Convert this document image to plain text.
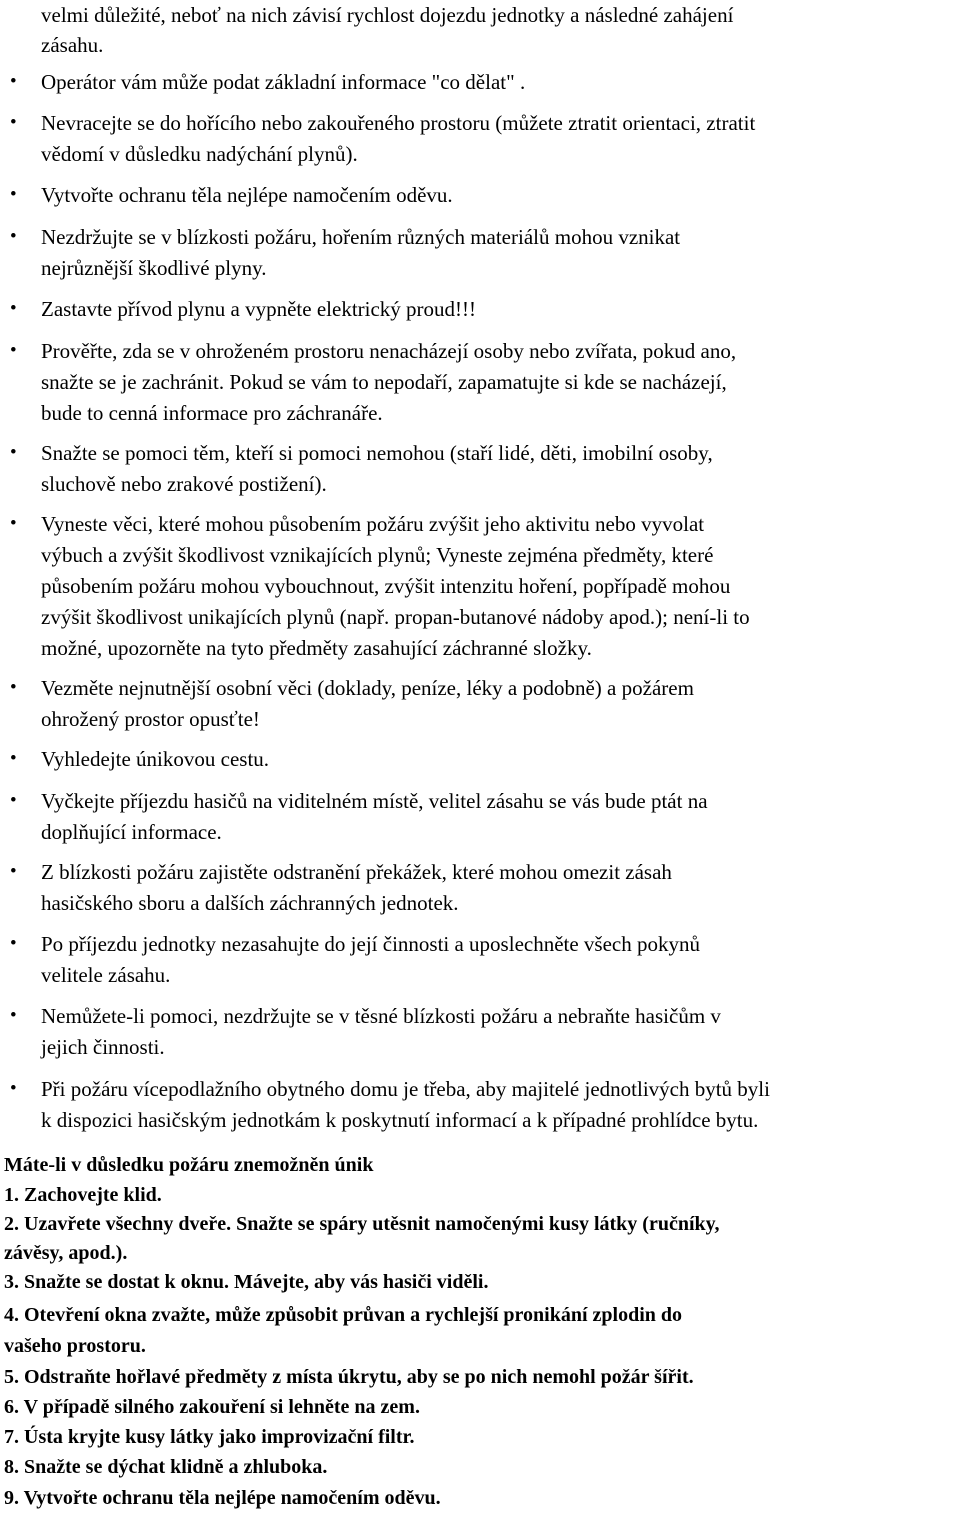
velmi důležité, neboť na nich závisí rychlost dojezdu jednotky a následné zahájení
zásahu.
• Operátor vám může podat základní informace "co dělat" .
• Nevracejte se do hořícího nebo zakouřeného prostoru (můžete ztratit orientaci, ztratit
vědomí v důsledku nadýchání plynů).
• Vytvořte ochranu těla nejlépe namočením oděvu.
• Nezdržujte se v blízkosti požáru, hořením různých materiálů mohou vznikat
nejrůznější škodlivé plyny.
• Zastavte přívod plynu a vypněte elektrický proud!!!
• Prověřte, zda se v ohroženém prostoru nenacházejí osoby nebo zvířata, pokud ano,
snažte se je zachránit. Pokud se vám to nepodaří, zapamatujte si kde se nacházejí,
bude to cenná informace pro záchranáře.
• Snažte se pomoci těm, kteří si pomoci nemohou (staří lidé, děti, imobilní osoby,
sluchově nebo zrakové postižení).
• Vyneste věci, které mohou působením požáru zvýšit jeho aktivitu nebo vyvolat
výbuch a zvýšit škodlivost vznikajících plynů; Vyneste zejména předměty, které
působením požáru mohou vybouchnout, zvýšit intenzitu hoření, popřípadě mohou
zvýšit škodlivost unikajících plynů (např. propan-butanové nádoby apod.); není-li to
možné, upozorněte na tyto předměty zasahující záchranné složky.
• Vezměte nejnutnější osobní věci (doklady, peníze, léky a podobně) a požárem
ohrožený prostor opusťte!
• Vyhledejte únikovou cestu.
• Vyčkejte příjezdu hasičů na viditelném místě, velitel zásahu se vás bude ptát na
doplňující informace.
• Z blízkosti požáru zajistěte odstranění překážek, které mohou omezit zásah
hasičského sboru a dalších záchranných jednotek.
• Po příjezdu jednotky nezasahujte do její činnosti a uposlechněte všech pokynů
velitele zásahu.
• Nemůžete-li pomoci, nezdržujte se v těsné blízkosti požáru a nebraňte hasičům v
jejich činnosti.
• Při požáru vícepodlažního obytného domu je třeba, aby majitelé jednotlivých bytů byli
k dispozici hasičským jednotkám k poskytnutí informací a k případné prohlídce bytu.
Máte-li v důsledku požáru znemožněn únik
1. Zachovejte klid.
2. Uzavřete všechny dveře. Snažte se spáry utěsnit namočenými kusy látky (ručníky,
závěsy, apod.).
3. Snažte se dostat k oknu. Mávejte, aby vás hasiči viděli.
4. Otevření okna zvažte, může způsobit průvan a rychlejší pronikání zplodin do
vašeho prostoru.
5. Odstraňte hořlavé předměty z místa úkrytu, aby se po nich nemohl požár šířit.
6. V případě silného zakouření si lehněte na zem.
7. Ústa kryjte kusy látky jako improvizační filtr.
8. Snažte se dýchat klidně a zhluboka.
9. Vytvořte ochranu těla nejlépe namočením oděvu.
